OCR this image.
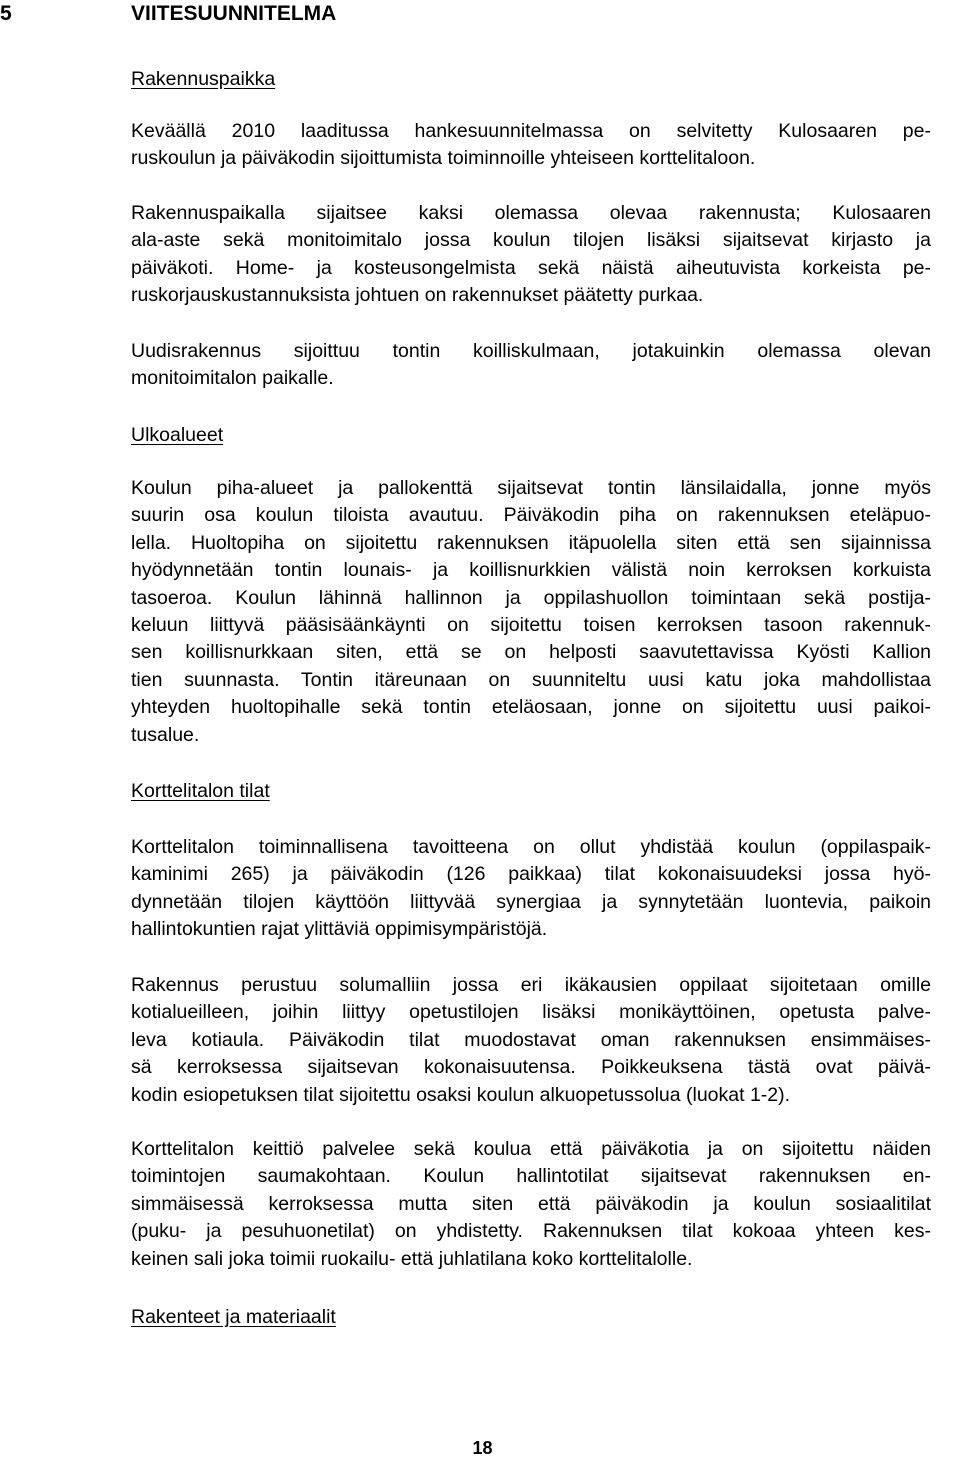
5	VIITESUUNNITELMA
Rakennuspaikka
Keväällä 2010 laaditussa hankesuunnitelmassa on selvitetty Kulosaaren pe-
ruskoulun ja päiväkodin sijoittumista toiminnoille yhteiseen korttelitaloon.
Rakennuspaikalla sijaitsee kaksi olemassa olevaa rakennusta; Kulosaaren
ala-aste sekä monitoimitalo jossa koulun tilojen lisäksi sijaitsevat kirjasto ja
päiväkoti. Home- ja kosteusongelmista sekä näistä aiheutuvista korkeista pe-
ruskorjauskustannuksista johtuen on rakennukset päätetty purkaa.
Uudisrakennus sijoittuu tontin koilliskulmaan, jotakuinkin olemassa olevan
monitoimitalon paikalle.
Ulkoalueet
Koulun piha-alueet ja pallokenttä sijaitsevat tontin länsilaidalla, jonne myös
suurin osa koulun tiloista avautuu. Päiväkodin piha on rakennuksen eteläpuo-
lella. Huoltopiha on sijoitettu rakennuksen itäpuolella siten että sen sijainnissa
hyödynnetään tontin lounais- ja koillisnurkkien välistä noin kerroksen korkuista
tasoeroa. Koulun lähinnä hallinnon ja oppilashuollon toimintaan sekä postija-
keluun liittyvä pääsisäänkäynti on sijoitettu toisen kerroksen tasoon rakennuk-
sen koillisnurkkaan siten, että se on helposti saavutettavissa Kyösti Kallion
tien suunnasta. Tontin itäreunaan on suunniteltu uusi katu joka mahdollistaa
yhteyden huoltopihalle sekä tontin eteläosaan, jonne on sijoitettu uusi paikoi-
tusalue.
Korttelitalon tilat
Korttelitalon toiminnallisena tavoitteena on ollut yhdistää koulun (oppilaspaik-
kaminimi 265) ja päiväkodin (126 paikkaa) tilat kokonaisuudeksi jossa hyö-
dynnetään tilojen käyttöön liittyvää synergiaa ja synnytetään luontevia, paikoin
hallintokuntien rajat ylittäviä oppimisympäristöjä.
Rakennus perustuu solumalliin jossa eri ikäkausien oppilaat sijoitetaan omille
kotialueilleen, joihin liittyy opetustilojen lisäksi monikäyttöinen, opetusta palve-
leva kotiaula. Päiväkodin tilat muodostavat oman rakennuksen ensimmäises-
sä kerroksessa sijaitsevan kokonaisuutensa. Poikkeuksena tästä ovat päivä-
kodin esiopetuksen tilat sijoitettu osaksi koulun alkuopetussolua (luokat 1-2).
Korttelitalon keittiö palvelee sekä koulua että päiväkotia ja on sijoitettu näiden
toimintojen saumakohtaan. Koulun hallintotilat sijaitsevat rakennuksen en-
simmäisessä kerroksessa mutta siten että päiväkodin ja koulun sosiaalitilat
(puku- ja pesuhuonetilat) on yhdistetty. Rakennuksen tilat kokoaa yhteen kes-
keinen sali joka toimii ruokailu- että juhlatilana koko korttelitalolle.
Rakenteet ja materiaalit
18
